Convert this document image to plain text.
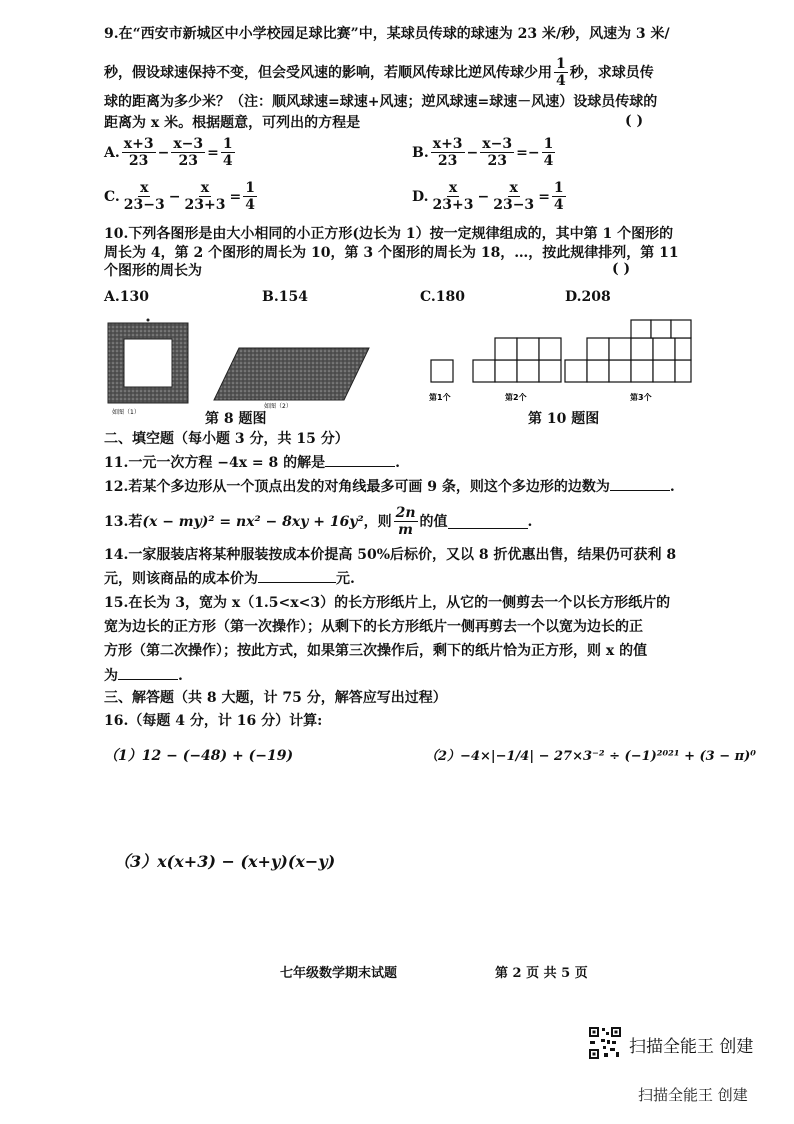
9.在“西安市新城区中小学校园足球比赛”中，某球员传球的球速为 23 米/秒，风速为 3 米/
秒，假设球速保持不变，但会受风速的影响，若顺风传球比逆风传球少用 $\frac{1}{4}$ 秒，求球员传
球的距离为多少米？（注：顺风球速=球速+风速；逆风球速=球速－风速）设球员传球的
距离为 x 米。根据题意，可列出的方程是	( )
A. $\frac{x+3}{23} - \frac{x-3}{23} = \frac{1}{4}$	B. $\frac{x+3}{23} - \frac{x-3}{23}$ = − $\frac{1}{4}$
C. $\frac{x}{23-3} - \frac{x}{23+3} = \frac{1}{4}$	D. $\frac{x}{23+3} - \frac{x}{23-3} = \frac{1}{4}$
10.下列各图形是由大小相同的小正方形(边长为 1）按一定规律组成的，其中第 1 个图形的
周长为 4，第 2 个图形的周长为 10，第 3 个图形的周长为 18，…，按此规律排列，第 11
个图形的周长为	( )
A.130	B.154	C.180	D.208
如图（1）
如图（2）
第 8 题图
第1个	第2个	第3个
第 10 题图
二、填空题（每小题 3 分，共 15 分）
11.一元一次方程 −4x = 8 的解是	.
12.若某个多边形从一个顶点出发的对角线最多可画 9 条，则这个多边形的边数为	.
13.若 (x − my)² = nx² − 8xy + 16y² ，则 $\frac{2n}{m}$ 的值	.
14.一家服装店将某种服装按成本价提高 50%后标价，又以 8 折优惠出售，结果仍可获利 8
元，则该商品的成本价为	元.
15.在长为 3，宽为 x（1.5<x<3）的长方形纸片上，从它的一侧剪去一个以长方形纸片的
宽为边长的正方形（第一次操作）；从剩下的长方形纸片一侧再剪去一个以宽为边长的正
方形（第二次操作）；按此方式，如果第三次操作后，剩下的纸片恰为正方形，则 x 的值
为	.
三、解答题（共 8 大题，计 75 分，解答应写出过程）
16.（每题 4 分，计 16 分）计算:
（1）12 − (−48) + (−19)	（2）−4×|−1/4| − 27×3⁻² ÷ (−1)²⁰²¹ + (3 − π)⁰
（3）x(x+3) − (x+y)(x−y)
七年级数学期末试题	第 2 页 共 5 页
扫描全能王 创建
扫描全能王 创建
